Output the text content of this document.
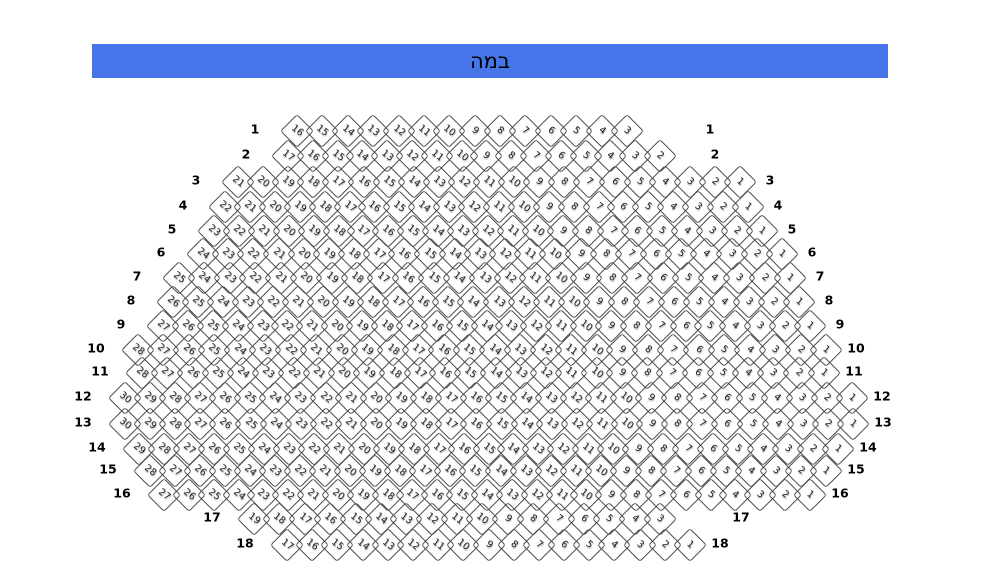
במה
1	1
16 15 14 13 12 11 10 9 8 7 6 5 4 3
2	2
17 16 15 14 13 12 11 10 9 8 7 6 5 4 3 2
3	3
21 20 19 18 17 16 15 14 13 12 11 10 9 8 7 6 5 4 3 2 1
4	4
22 21 20 19 18 17 16 15 14 13 12 11 10 9 8 7 6 5 4 3 2 1
5	5
23 22 21 20 19 18 17 16 15 14 13 12 11 10 9 8 7 6 5 4 3 2 1
6	6
24 23 22 21 20 19 18 17 16 15 14 13 12 11 10 9 8 7 6 5 4 3 2 1
7	7
25 24 23 22 21 20 19 18 17 16 15 14 13 12 11 10 9 8 7 6 5 4 3 2 1
8	8
26 25 24 23 22 21 20 19 18 17 16 15 14 13 12 11 10 9 8 7 6 5 4 3 2 1
9	9
27 26 25 24 23 22 21 20 19 18 17 16 15 14 13 12 11 10 9 8 7 6 5 4 3 2 1
10	10
28 27 26 25 24 23 22 21 20 19 18 17 16 15 14 13 12 11 10 9 8 7 6 5 4 3 2 1
11	11
28 27 26 25 24 23 22 21 20 19 18 17 16 15 14 13 12 11 10 9 8 7 6 5 4 3 2 1
12	12
30 29 28 27 26 25 24 23 22 21 20 19 18 17 16 15 14 13 12 11 10 9 8 7 6 5 4 3 2 1
13	13
30 29 28 27 26 25 24 23 22 21 20 19 18 17 16 15 14 13 12 11 10 9 8 7 6 5 4 3 2 1
14	14
29 28 27 26 25 24 23 22 21 20 19 18 17 16 15 14 13 12 11 10 9 8 7 6 5 4 3 2 1
15	15
28 27 26 25 24 23 22 21 20 19 18 17 16 15 14 13 12 11 10 9 8 7 6 5 4 3 2 1
16	16
27 26 25 24 23 22 21 20 19 18 17 16 15 14 13 12 11 10 9 8 7 6 5 4 3 2 1
17	17
19 18 17 16 15 14 13 12 11 10 9 8 7 6 5 4 3
18	18
17 16 15 14 13 12 11 10 9 8 7 6 5 4 3 2 1
